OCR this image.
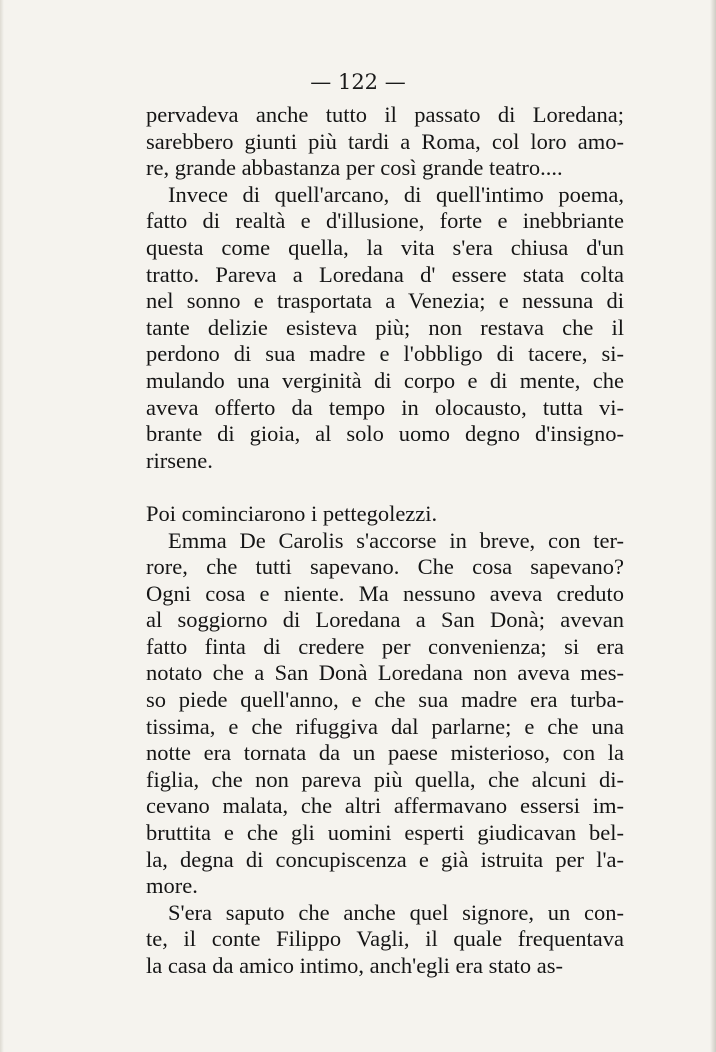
— 122 —
pervadeva anche tutto il passato di Loredana;
sarebbero giunti più tardi a Roma, col loro amo-
re, grande abbastanza per così grande teatro....
Invece di quell'arcano, di quell'intimo poema,
fatto di realtà e d'illusione, forte e inebbriante
questa come quella, la vita s'era chiusa d'un
tratto. Pareva a Loredana d' essere stata colta
nel sonno e trasportata a Venezia; e nessuna di
tante delizie esisteva più; non restava che il
perdono di sua madre e l'obbligo di tacere, si-
mulando una verginità di corpo e di mente, che
aveva offerto da tempo in olocausto, tutta vi-
brante di gioia, al solo uomo degno d'insigno-
rirsene.
Poi cominciarono i pettegolezzi.
Emma De Carolis s'accorse in breve, con ter-
rore, che tutti sapevano. Che cosa sapevano?
Ogni cosa e niente. Ma nessuno aveva creduto
al soggiorno di Loredana a San Donà; avevan
fatto finta di credere per convenienza; si era
notato che a San Donà Loredana non aveva mes-
so piede quell'anno, e che sua madre era turba-
tissima, e che rifuggiva dal parlarne; e che una
notte era tornata da un paese misterioso, con la
figlia, che non pareva più quella, che alcuni di-
cevano malata, che altri affermavano essersi im-
bruttita e che gli uomini esperti giudicavan bel-
la, degna di concupiscenza e già istruita per l'a-
more.
S'era saputo che anche quel signore, un con-
te, il conte Filippo Vagli, il quale frequentava
la casa da amico intimo, anch'egli era stato as-
